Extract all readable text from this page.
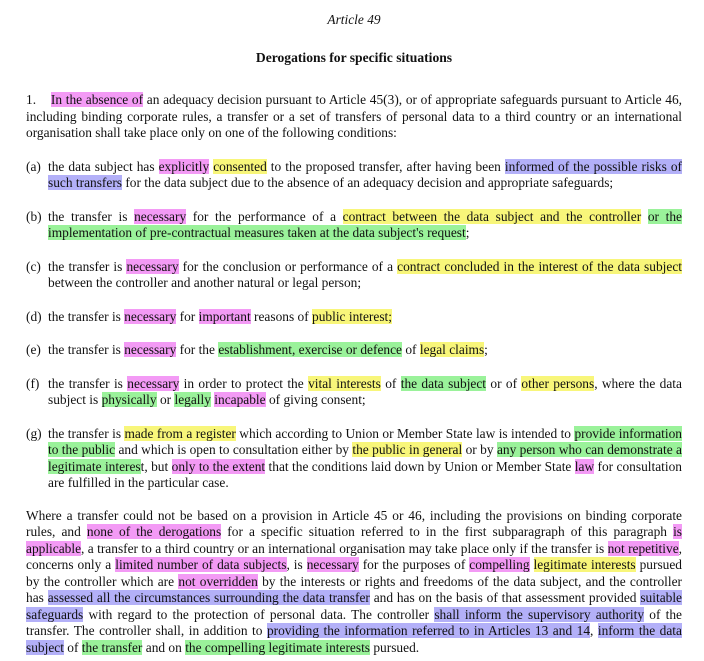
Article 49
Derogations for specific situations

1. In the absence of an adequacy decision pursuant to Article 45(3), or of appropriate safeguards pursuant to Article 46, including binding corporate rules, a transfer or a set of transfers of personal data to a third country or an international organisation shall take place only on one of the following conditions:

(a) the data subject has explicitly consented to the proposed transfer, after having been informed of the possible risks of such transfers for the data subject due to the absence of an adequacy decision and appropriate safeguards;
(b) the transfer is necessary for the performance of a contract between the data subject and the controller or the implementation of pre-contractual measures taken at the data subject's request;
(c) the transfer is necessary for the conclusion or performance of a contract concluded in the interest of the data subject between the controller and another natural or legal person;
(d) the transfer is necessary for important reasons of public interest;
(e) the transfer is necessary for the establishment, exercise or defence of legal claims;
(f) the transfer is necessary in order to protect the vital interests of the data subject or of other persons, where the data subject is physically or legally incapable of giving consent;
(g) the transfer is made from a register which according to Union or Member State law is intended to provide information to the public and which is open to consultation either by the public in general or by any person who can demonstrate a legitimate interest, but only to the extent that the conditions laid down by Union or Member State law for consultation are fulfilled in the particular case.

Where a transfer could not be based on a provision in Article 45 or 46, including the provisions on binding corporate rules, and none of the derogations for a specific situation referred to in the first subparagraph of this paragraph is applicable, a transfer to a third country or an international organisation may take place only if the transfer is not repetitive, concerns only a limited number of data subjects, is necessary for the purposes of compelling legitimate interests pursued by the controller which are not overridden by the interests or rights and freedoms of the data subject, and the controller has assessed all the circumstances surrounding the data transfer and has on the basis of that assessment provided suitable safeguards with regard to the protection of personal data. The controller shall inform the supervisory authority of the transfer. The controller shall, in addition to providing the information referred to in Articles 13 and 14, inform the data subject of the transfer and on the compelling legitimate interests pursued.
